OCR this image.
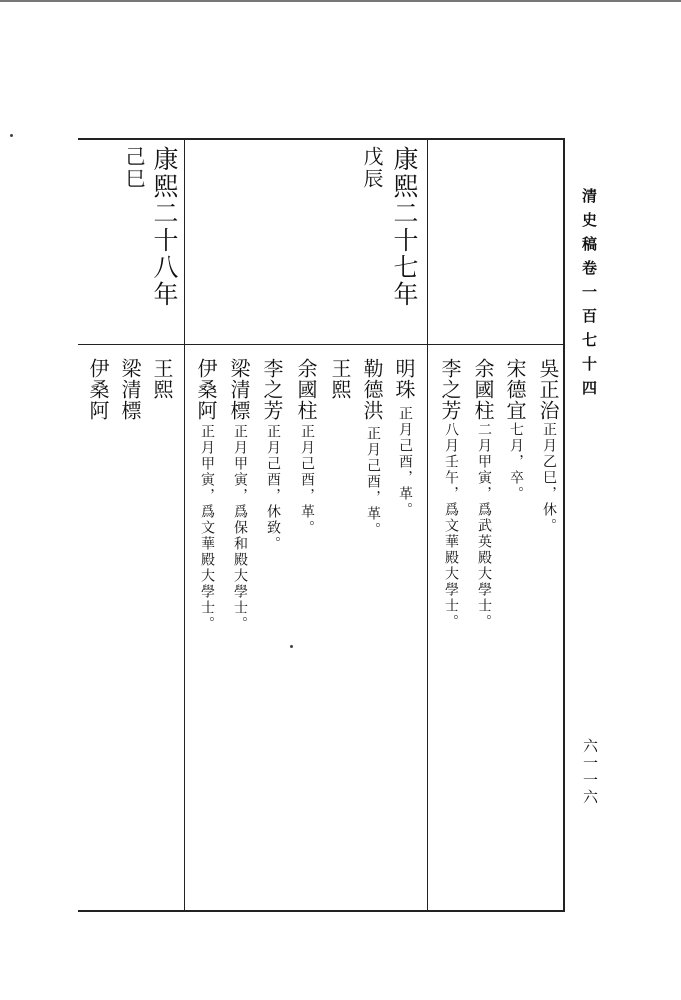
清史稿卷一百七十四
六一一六
康熙二十七年
戊辰
康熙二十八年
己巳
吳正治
正月乙巳，休。
宋德宜
七月，卒。
余國柱
二月甲寅，爲武英殿大學士。
李之芳
八月壬午，爲文華殿大學士。
明珠
正月己酉，革。
勒德洪
正月己酉，革。
王熙
余國柱
正月己酉，革。
李之芳
正月己酉，休致。
梁清標
正月甲寅，爲保和殿大學士。
伊桑阿
正月甲寅，爲文華殿大學士。
王熙
梁清標
伊桑阿
